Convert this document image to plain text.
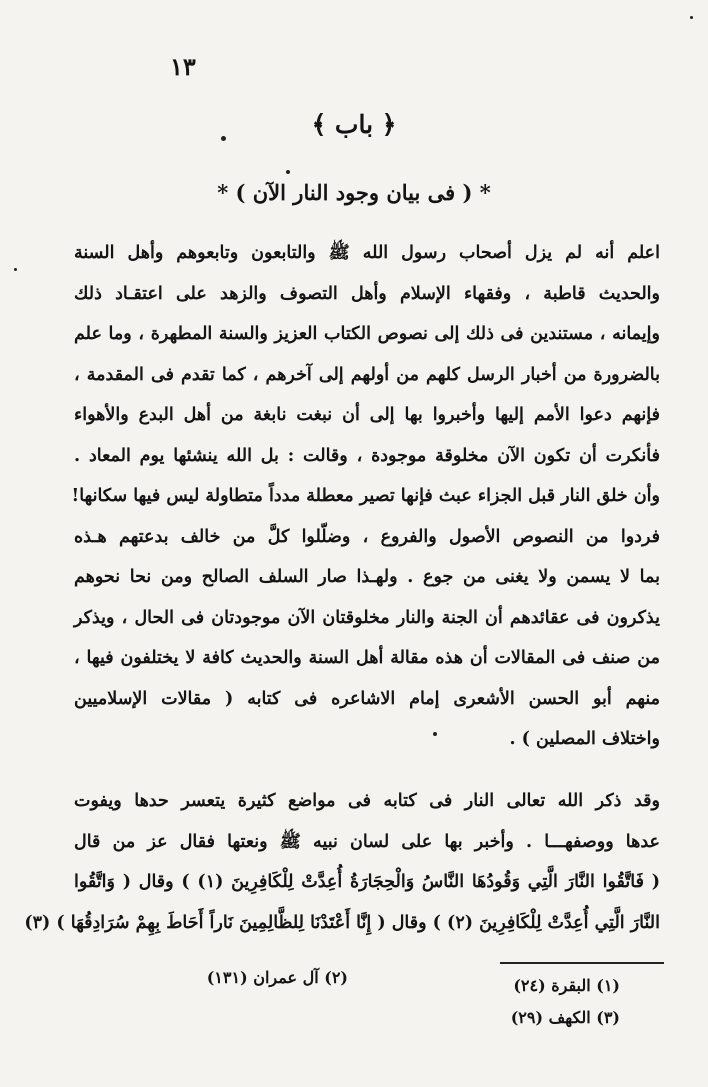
١٣
﴿ باب ﴾
* ( فى بيان وجود النار الآن ) *
اعلم أنه لم يزل أصحاب رسول الله ﷺ والتابعون وتابعوهم وأهل السنة
والحديث قاطبة ، وفقهاء الإسلام وأهل التصوف والزهد على اعتقـاد ذلك
وإيمانه ، مستندين فى ذلك إلى نصوص الكتاب العزيز والسنة المطهرة ، وما علم
بالضرورة من أخبار الرسل كلهم من أولهم إلى آخرهم ، كما تقدم فى المقدمة ،
فإنهم دعوا الأمم إليها وأخبروا بها إلى أن نبغت نابغة من أهل البدع والأهواء
فأنكرت أن تكون الآن مخلوقة موجودة ، وقالت : بل الله ينشئها يوم المعاد .
وأن خلق النار قبل الجزاء عبث فإنها تصير معطلة مدداً متطاولة ليس فيها سكانها!
فردوا من النصوص الأصول والفروع ، وضلّلوا كلَّ من خالف بدعتهم هـذه
بما لا يسمن ولا يغنى من جوع . ولهـذا صار السلف الصالح ومن نحا نحوهم
يذكرون فى عقائدهم أن الجنة والنار مخلوقتان الآن موجودتان فى الحال ، ويذكر
من صنف فى المقالات أن هذه مقالة أهل السنة والحديث كافة لا يختلفون فيها ،
منهم أبو الحسن الأشعرى إمام الاشاعره فى كتابه ( مقالات الإسلاميين
واختلاف المصلين ) .
وقد ذكر الله تعالى النار فى كتابه فى مواضع كثيرة يتعسر حدها ويفوت
عدها ووصفهـــا . وأخبر بها على لسان نبيه ﷺ ونعتها فقال عز من قال
( فَاتَّقُوا النَّارَ الَّتِي وَقُودُهَا النَّاسُ وَالْحِجَارَةُ أُعِدَّتْ لِلْكَافِرِينَ (١) ) وقال ( وَاتَّقُوا
النَّارَ الَّتِي أُعِدَّتْ لِلْكَافِرِينَ (٢) ) وقال ( إِنَّا أَعْتَدْنَا لِلظَّالِمِينَ نَاراً أَحَاطَ بِهِمْ سُرَادِقُهَا ) (٣)
(١) البقرة (٢٤)
(٢) آل عمران (١٣١)
(٣) الكهف (٢٩)
